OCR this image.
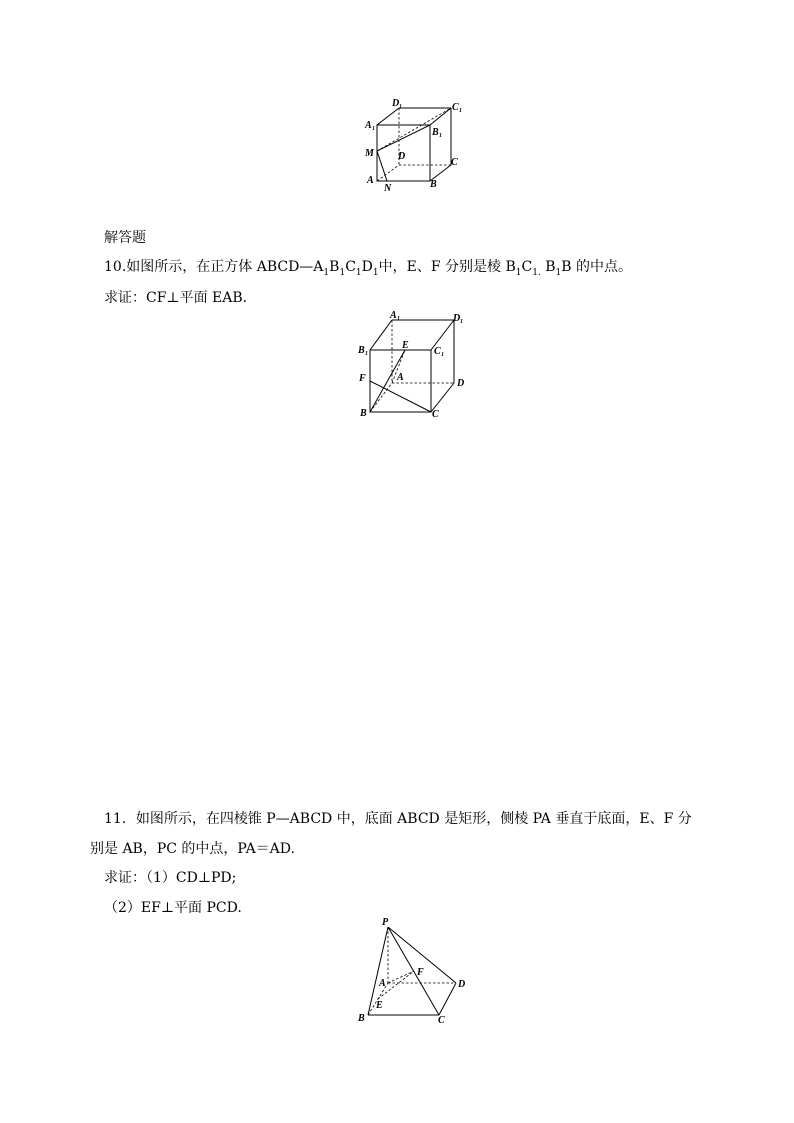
D 1	C 1
A 1	B 1
M D
C
A
N	B
解答题
10.如图所示，在正方体 $ABCD—A_1B_1C_1D_1$中，E、F 分别是棱 $B_1C_{1.}$ $B_1B$ 的中点。
求证：CF⊥平面 EAB.
A 1	D 1
B 1
E
C 1
F	A
D
B	C
11．如图所示，在四棱锥 P—ABCD 中，底面 ABCD 是矩形，侧棱 PA 垂直于底面，E、F 分
别是 AB，PC 的中点，PA＝AD.
求证：（1）CD⊥PD;
（2）EF⊥平面 PCD.
P
F
A	D
E
B	C
